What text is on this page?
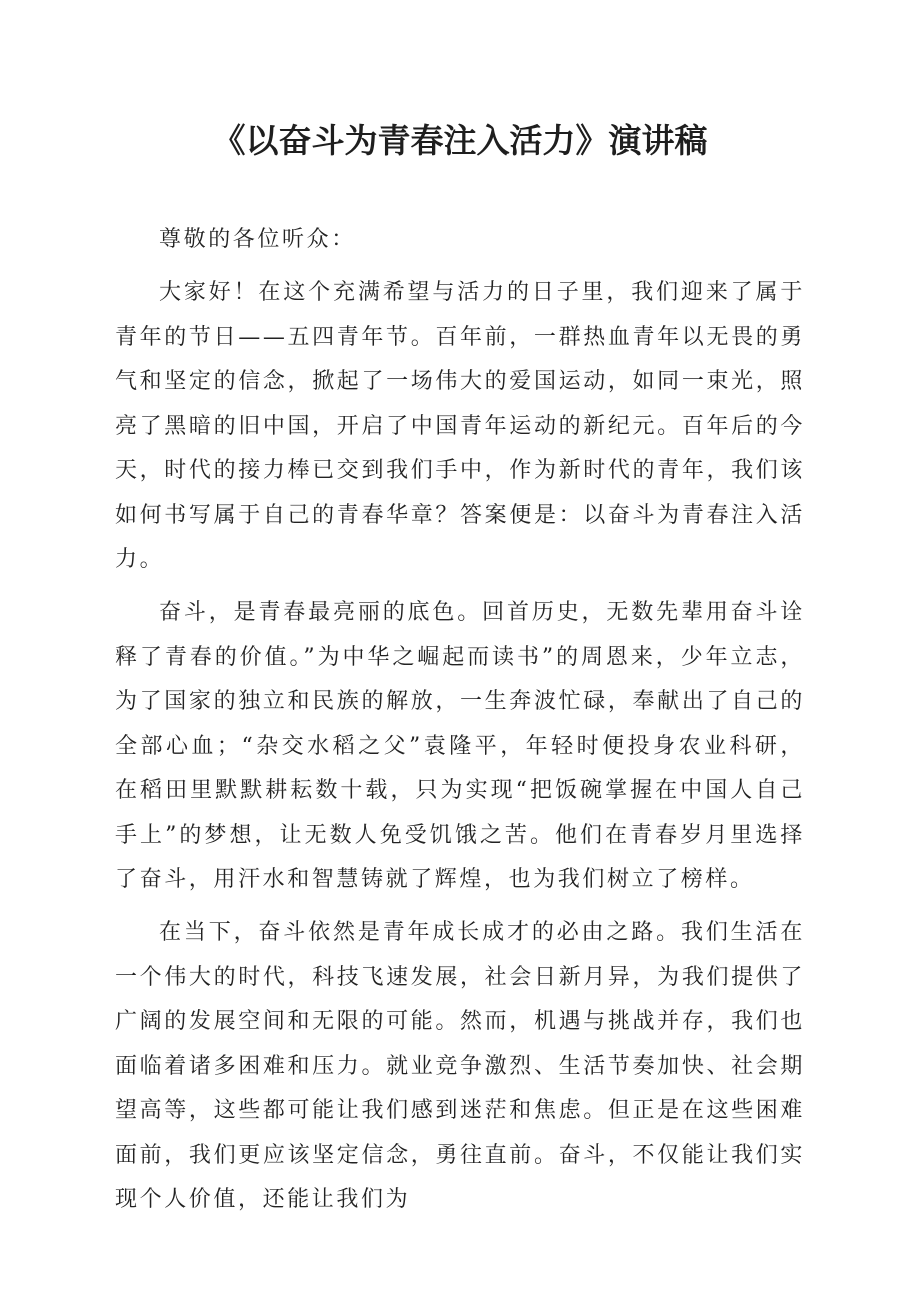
《以奋斗为青春注入活力》演讲稿

尊敬的各位听众：

大家好！在这个充满希望与活力的日子里，我们迎来了属于青年的节日——五四青年节。百年前，一群热血青年以无畏的勇气和坚定的信念，掀起了一场伟大的爱国运动，如同一束光，照亮了黑暗的旧中国，开启了中国青年运动的新纪元。百年后的今天，时代的接力棒已交到我们手中，作为新时代的青年，我们该如何书写属于自己的青春华章？答案便是：以奋斗为青春注入活力。

奋斗，是青春最亮丽的底色。回首历史，无数先辈用奋斗诠释了青春的价值。”为中华之崛起而读书”的周恩来，少年立志，为了国家的独立和民族的解放，一生奔波忙碌，奉献出了自己的全部心血；“杂交水稻之父”袁隆平，年轻时便投身农业科研，在稻田里默默耕耘数十载，只为实现“把饭碗掌握在中国人自己手上”的梦想，让无数人免受饥饿之苦。他们在青春岁月里选择了奋斗，用汗水和智慧铸就了辉煌，也为我们树立了榜样。

在当下，奋斗依然是青年成长成才的必由之路。我们生活在一个伟大的时代，科技飞速发展，社会日新月异，为我们提供了广阔的发展空间和无限的可能。然而，机遇与挑战并存，我们也面临着诸多困难和压力。就业竞争激烈、生活节奏加快、社会期望高等，这些都可能让我们感到迷茫和焦虑。但正是在这些困难面前，我们更应该坚定信念，勇往直前。奋斗，不仅能让我们实现个人价值，还能让我们为
